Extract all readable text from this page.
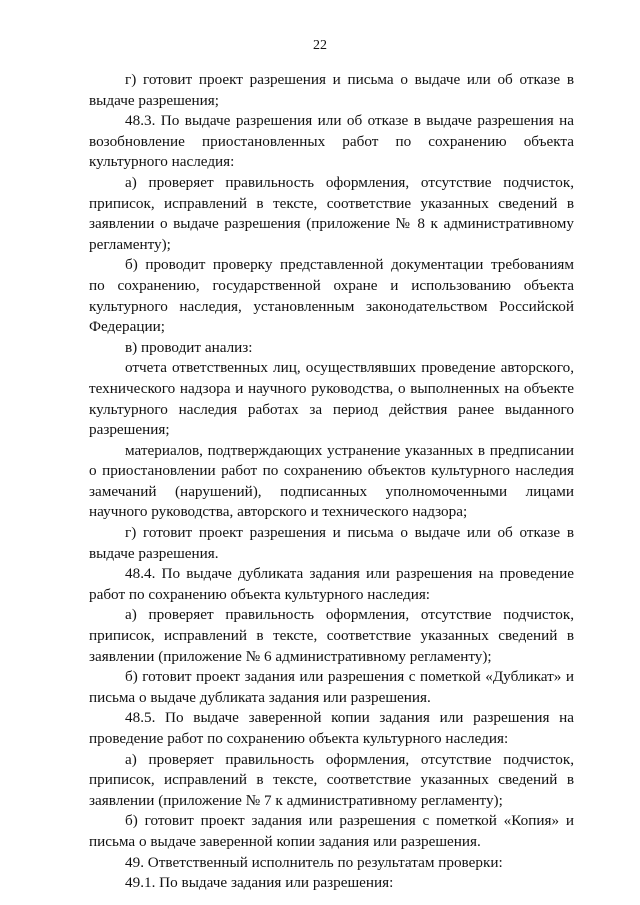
22

г) готовит проект разрешения и письма о выдаче или об отказе в выдаче разрешения;

48.3. По выдаче разрешения или об отказе в выдаче разрешения на возобновление приостановленных работ по сохранению объекта культурного наследия:

а) проверяет правильность оформления, отсутствие подчисток, приписок, исправлений в тексте, соответствие указанных сведений в заявлении о выдаче разрешения (приложение № 8 к административному регламенту);

б) проводит проверку представленной документации требованиям по сохранению, государственной охране и использованию объекта культурного наследия, установленным законодательством Российской Федерации;

в) проводит анализ:

отчета ответственных лиц, осуществлявших проведение авторского, технического надзора и научного руководства, о выполненных на объекте культурного наследия работах за период действия ранее выданного разрешения;

материалов, подтверждающих устранение указанных в предписании о приостановлении работ по сохранению объектов культурного наследия замечаний (нарушений), подписанных уполномоченными лицами научного руководства, авторского и технического надзора;

г) готовит проект разрешения и письма о выдаче или об отказе в выдаче разрешения.

48.4. По выдаче дубликата задания или разрешения на проведение работ по сохранению объекта культурного наследия:

а) проверяет правильность оформления, отсутствие подчисток, приписок, исправлений в тексте, соответствие указанных сведений в заявлении (приложение № 6 административному регламенту);

б) готовит проект задания или разрешения с пометкой «Дубликат» и письма о выдаче дубликата задания или разрешения.

48.5. По выдаче заверенной копии задания или разрешения на проведение работ по сохранению объекта культурного наследия:

а) проверяет правильность оформления, отсутствие подчисток, приписок, исправлений в тексте, соответствие указанных сведений в заявлении (приложение № 7 к административному регламенту);

б) готовит проект задания или разрешения с пометкой «Копия» и письма о выдаче заверенной копии задания или разрешения.

49. Ответственный исполнитель по результатам проверки:

49.1. По выдаче задания или разрешения:
